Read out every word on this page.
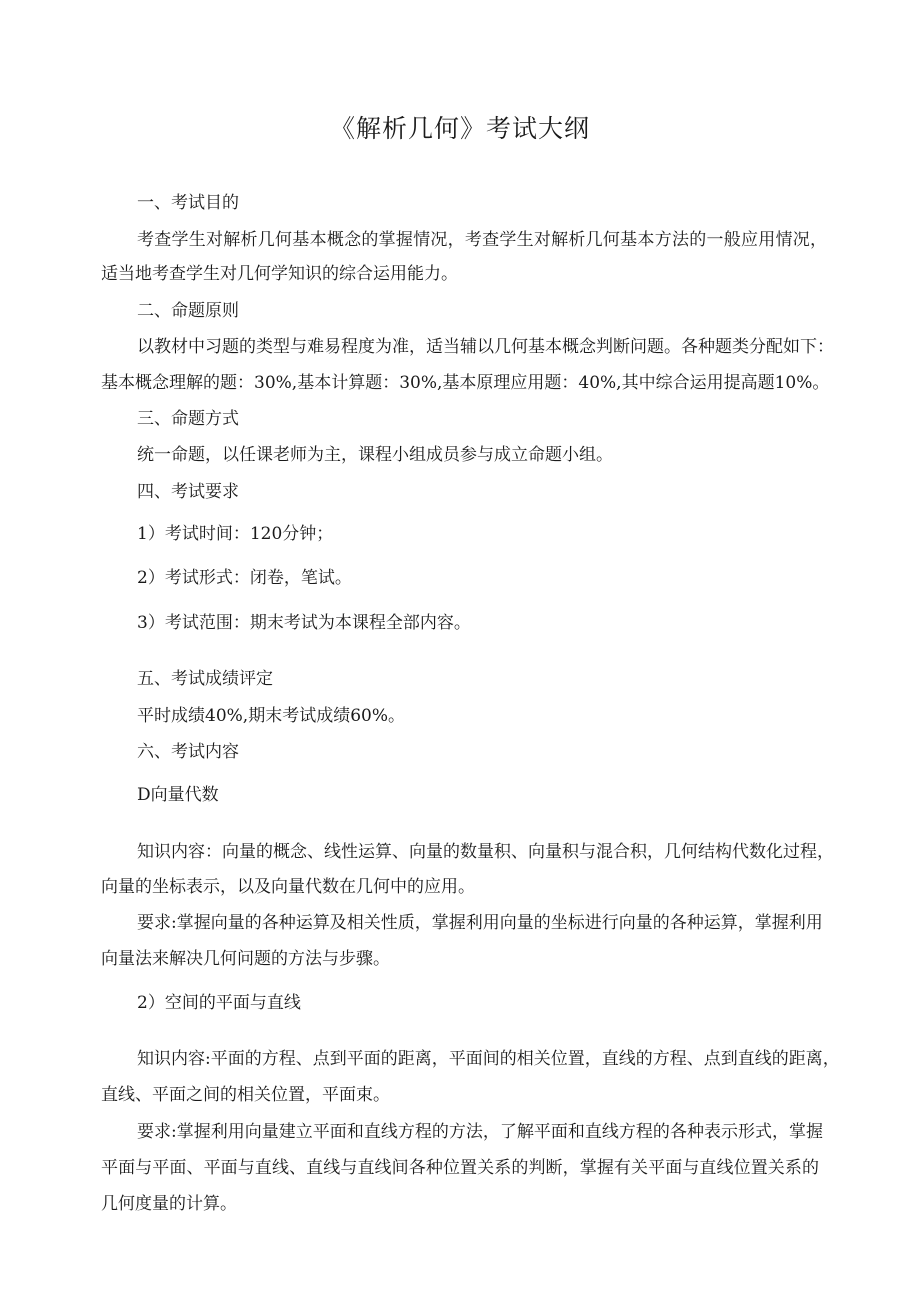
《解析几何》考试大纲
一、考试目的
考查学生对解析几何基本概念的掌握情况，考查学生对解析几何基本方法的一般应用情况，
适当地考查学生对几何学知识的综合运用能力。
二、命题原则
以教材中习题的类型与难易程度为准，适当辅以几何基本概念判断问题。各种题类分配如下：
基本概念理解的题：30%,基本计算题：30%,基本原理应用题：40%,其中综合运用提高题10%。
三、命题方式
统一命题，以任课老师为主，课程小组成员参与成立命题小组。
四、考试要求
1）考试时间：120分钟；
2）考试形式：闭卷，笔试。
3）考试范围：期末考试为本课程全部内容。
五、考试成绩评定
平时成绩40%,期末考试成绩60%。
六、考试内容
D向量代数
知识内容：向量的概念、线性运算、向量的数量积、向量积与混合积，几何结构代数化过程，
向量的坐标表示，以及向量代数在几何中的应用。
要求:掌握向量的各种运算及相关性质，掌握利用向量的坐标进行向量的各种运算，掌握利用
向量法来解决几何问题的方法与步骤。
2）空间的平面与直线
知识内容:平面的方程、点到平面的距离，平面间的相关位置，直线的方程、点到直线的距离，
直线、平面之间的相关位置，平面束。
要求:掌握利用向量建立平面和直线方程的方法，了解平面和直线方程的各种表示形式，掌握
平面与平面、平面与直线、直线与直线间各种位置关系的判断，掌握有关平面与直线位置关系的
几何度量的计算。
